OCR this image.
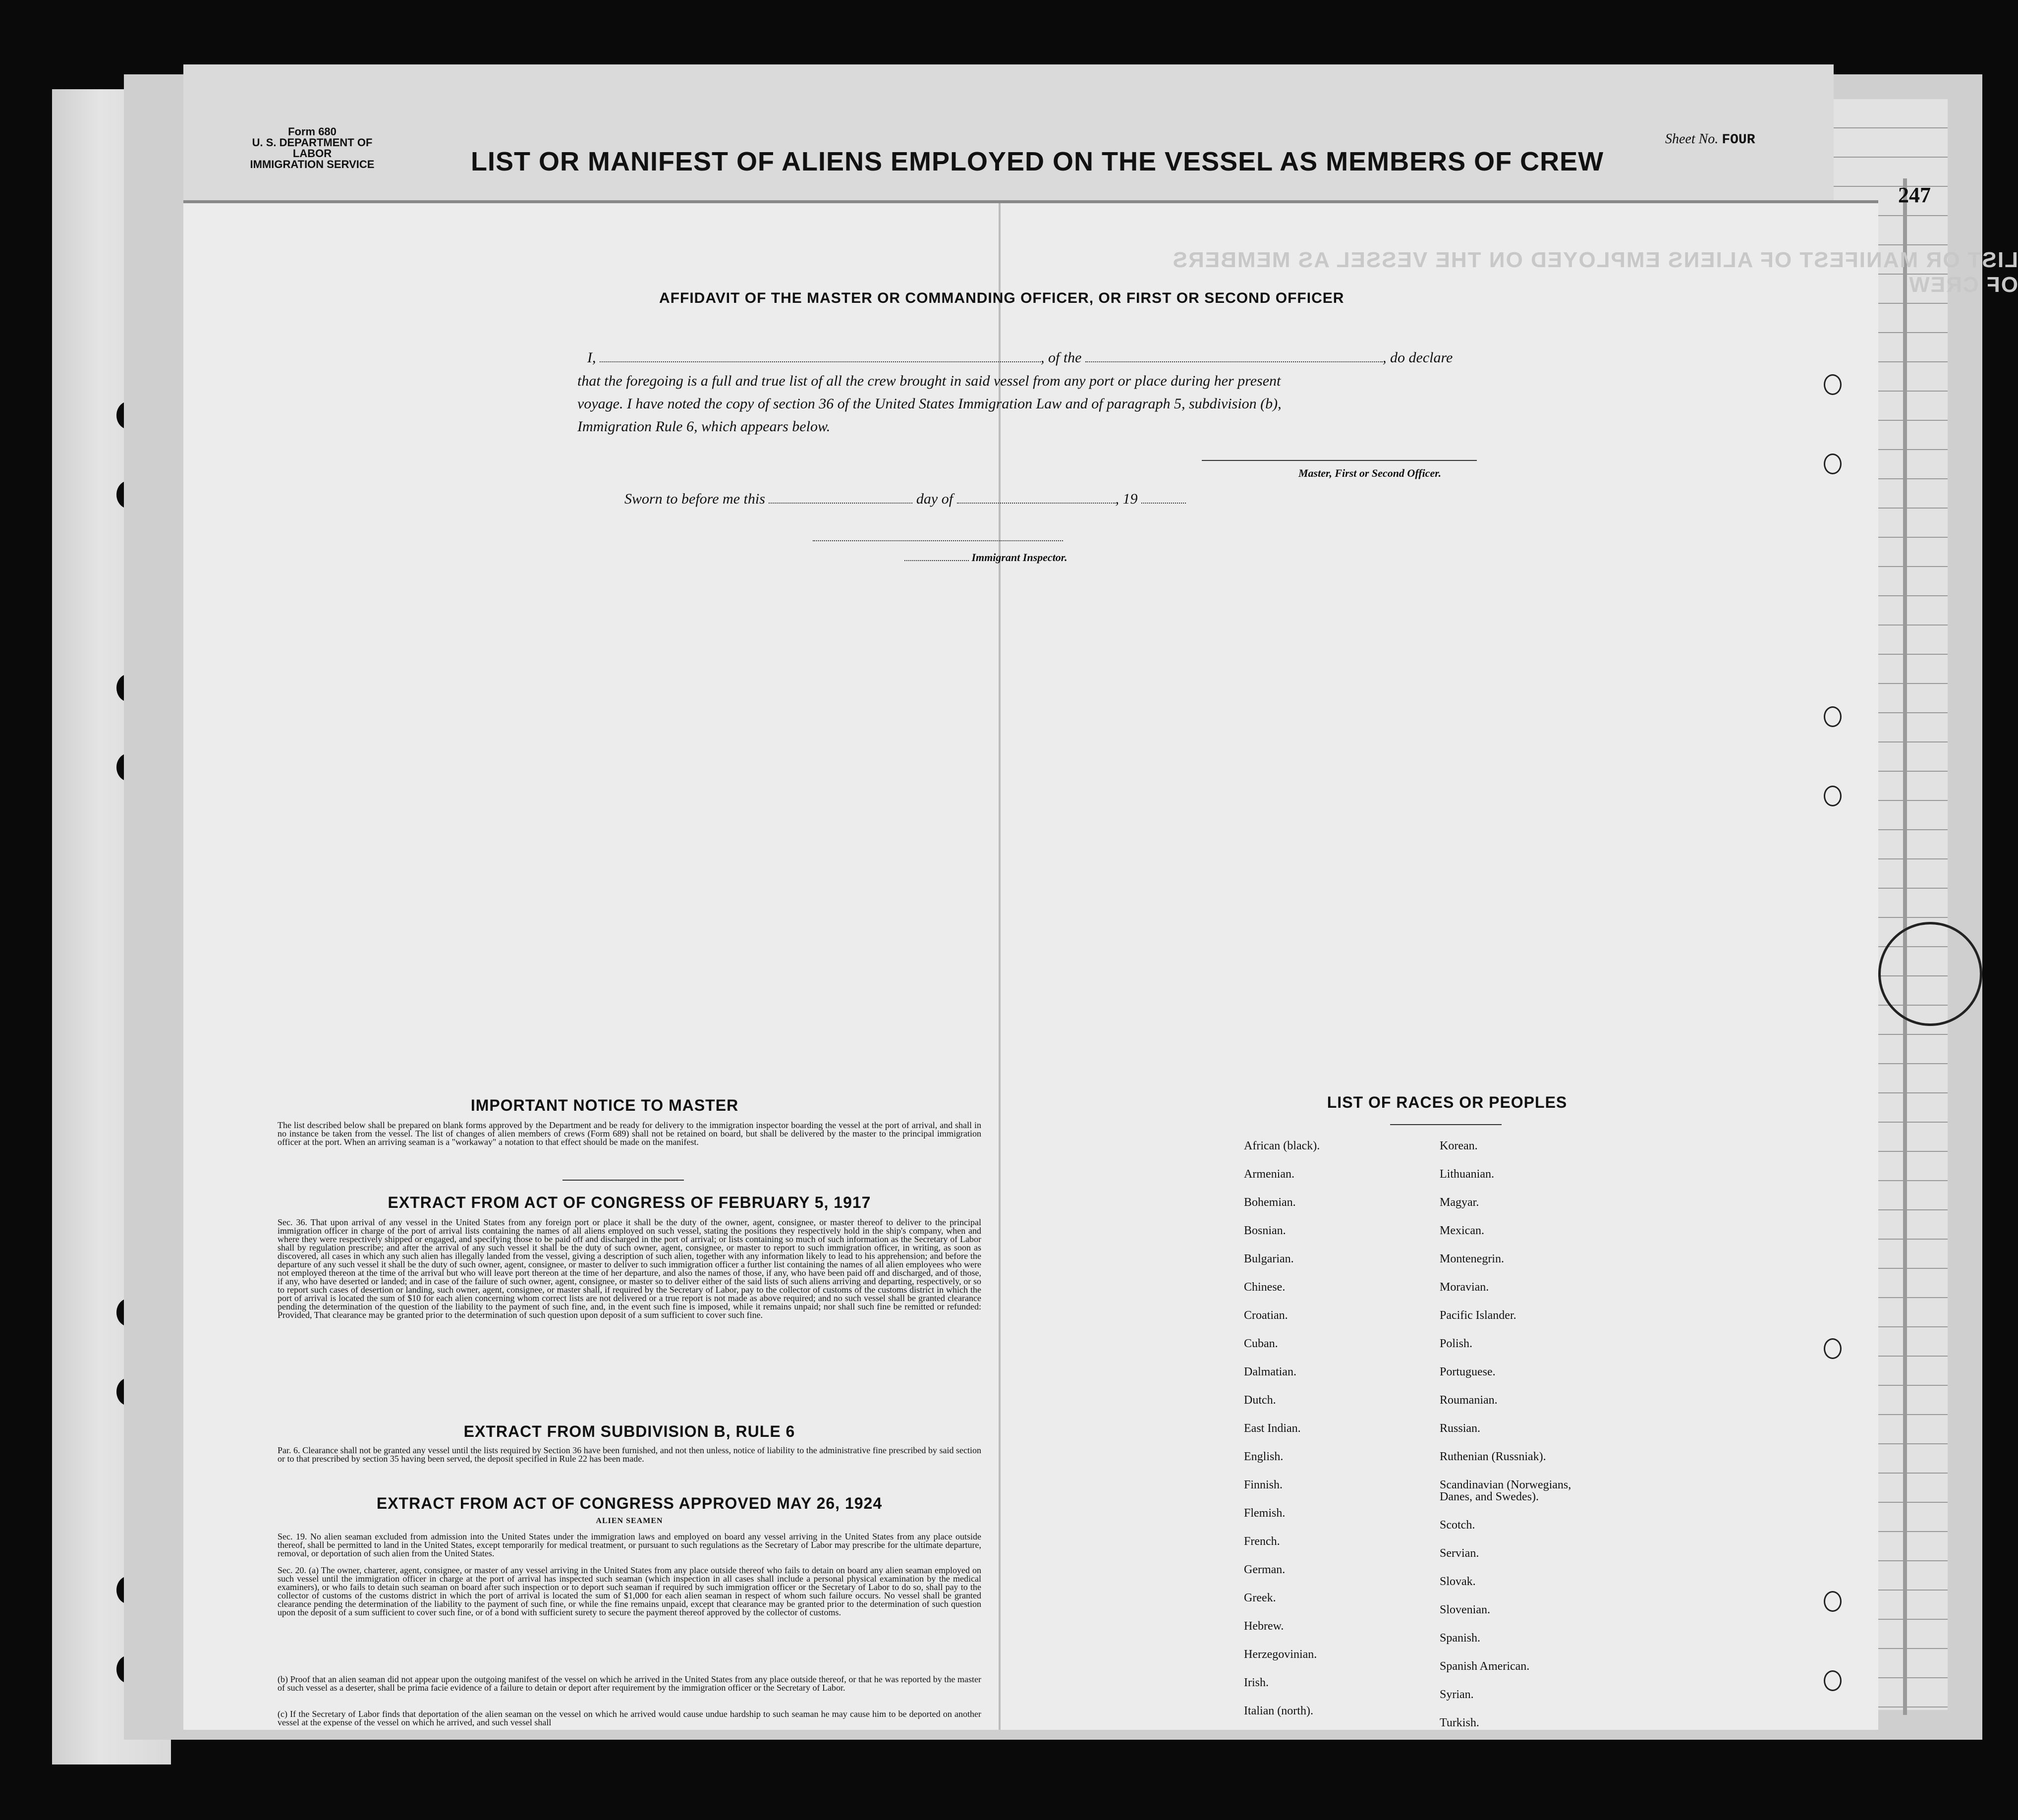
Form 680
U. S. DEPARTMENT OF LABOR
IMMIGRATION SERVICE	LIST OR MANIFEST OF ALIENS EMPLOYED ON THE VESSEL AS MEMBERS OF CREW
Sheet No. FOUR
247
LIST OR MANIFEST OF ALIENS EMPLOYED ON THE VESSEL AS MEMBERS OF CREW
AFFIDAVIT OF THE MASTER OR COMMANDING OFFICER, OR FIRST OR SECOND OFFICER
I,	, of the	, do declare
that the foregoing is a full and true list of all the crew brought in said vessel from any port or place during her present
voyage. I have noted the copy of section 36 of the United States Immigration Law and of paragraph 5, subdivision (b),
Immigration Rule 6, which appears below.
Master, First or Second Officer.
Sworn to before me this	day of	, 19
Immigrant Inspector.
IMPORTANT NOTICE TO MASTER
The list described below shall be prepared on blank forms approved by the Department and be ready for delivery to the immigration inspector boarding the vessel at the port of arrival, and shall in no instance be taken from the vessel. The list of changes of alien members of crews (Form 689) shall not be retained on board, but shall be delivered by the master to the principal immigration officer at the port. When an arriving seaman is a "workaway" a notation to that effect should be made on the manifest.
EXTRACT FROM ACT OF CONGRESS OF FEBRUARY 5, 1917
Sec. 36. That upon arrival of any vessel in the United States from any foreign port or place it shall be the duty of the owner, agent, consignee, or master thereof to deliver to the principal immigration officer in charge of the port of arrival lists containing the names of all aliens employed on such vessel, stating the positions they respectively hold in the ship's company, when and where they were respectively shipped or engaged, and specifying those to be paid off and discharged in the port of arrival; or lists containing so much of such information as the Secretary of Labor shall by regulation prescribe; and after the arrival of any such vessel it shall be the duty of such owner, agent, consignee, or master to report to such immigration officer, in writing, as soon as discovered, all cases in which any such alien has illegally landed from the vessel, giving a description of such alien, together with any information likely to lead to his apprehension; and before the departure of any such vessel it shall be the duty of such owner, agent, consignee, or master to deliver to such immigration officer a further list containing the names of all alien employees who were not employed thereon at the time of the arrival but who will leave port thereon at the time of her departure, and also the names of those, if any, who have been paid off and discharged, and of those, if any, who have deserted or landed; and in case of the failure of such owner, agent, consignee, or master so to deliver either of the said lists of such aliens arriving and departing, respectively, or so to report such cases of desertion or landing, such owner, agent, consignee, or master shall, if required by the Secretary of Labor, pay to the collector of customs of the customs district in which the port of arrival is located the sum of $10 for each alien concerning whom correct lists are not delivered or a true report is not made as above required; and no such vessel shall be granted clearance pending the determination of the question of the liability to the payment of such fine, and, in the event such fine is imposed, while it remains unpaid; nor shall such fine be remitted or refunded: Provided, That clearance may be granted prior to the determination of such question upon deposit of a sum sufficient to cover such fine.
EXTRACT FROM SUBDIVISION B, RULE 6
Par. 6. Clearance shall not be granted any vessel until the lists required by Section 36 have been furnished, and not then unless, notice of liability to the administrative fine prescribed by said section or to that prescribed by section 35 having been served, the deposit specified in Rule 22 has been made.
EXTRACT FROM ACT OF CONGRESS APPROVED MAY 26, 1924
ALIEN SEAMEN
Sec. 19. No alien seaman excluded from admission into the United States under the immigration laws and employed on board any vessel arriving in the United States from any place outside thereof, shall be permitted to land in the United States, except temporarily for medical treatment, or pursuant to such regulations as the Secretary of Labor may prescribe for the ultimate departure, removal, or deportation of such alien from the United States.
Sec. 20. (a) The owner, charterer, agent, consignee, or master of any vessel arriving in the United States from any place outside thereof who fails to detain on board any alien seaman employed on such vessel until the immigration officer in charge at the port of arrival has inspected such seaman (which inspection in all cases shall include a personal physical examination by the medical examiners), or who fails to detain such seaman on board after such inspection or to deport such seaman if required by such immigration officer or the Secretary of Labor to do so, shall pay to the collector of customs of the customs district in which the port of arrival is located the sum of $1,000 for each alien seaman in respect of whom such failure occurs. No vessel shall be granted clearance pending the determination of the liability to the payment of such fine, or while the fine remains unpaid, except that clearance may be granted prior to the determination of such question upon the deposit of a sum sufficient to cover such fine, or of a bond with sufficient surety to secure the payment thereof approved by the collector of customs.
(b) Proof that an alien seaman did not appear upon the outgoing manifest of the vessel on which he arrived in the United States from any place outside thereof, or that he was reported by the master of such vessel as a deserter, shall be prima facie evidence of a failure to detain or deport after requirement by the immigration officer or the Secretary of Labor.
(c) If the Secretary of Labor finds that deportation of the alien seaman on the vessel on which he arrived would cause undue hardship to such seaman he may cause him to be deported on another vessel at the expense of the vessel on which he arrived, and such vessel shall
LIST OF RACES OR PEOPLES
African (black).
Armenian.
Bohemian.
Bosnian.
Bulgarian.
Chinese.
Croatian.
Cuban.
Dalmatian.
Dutch.
East Indian.
English.
Finnish.
Flemish.
French.
German.
Greek.
Hebrew.
Herzegovinian.
Irish.
Italian (north).
Korean.
Lithuanian.
Magyar.
Mexican.
Montenegrin.
Moravian.
Pacific Islander.
Polish.
Portuguese.
Roumanian.
Russian.
Ruthenian (Russniak).
Scandinavian (Norwegians,
Danes, and Swedes).
Scotch.
Servian.
Slovak.
Slovenian.
Spanish.
Spanish American.
Syrian.
Turkish.
